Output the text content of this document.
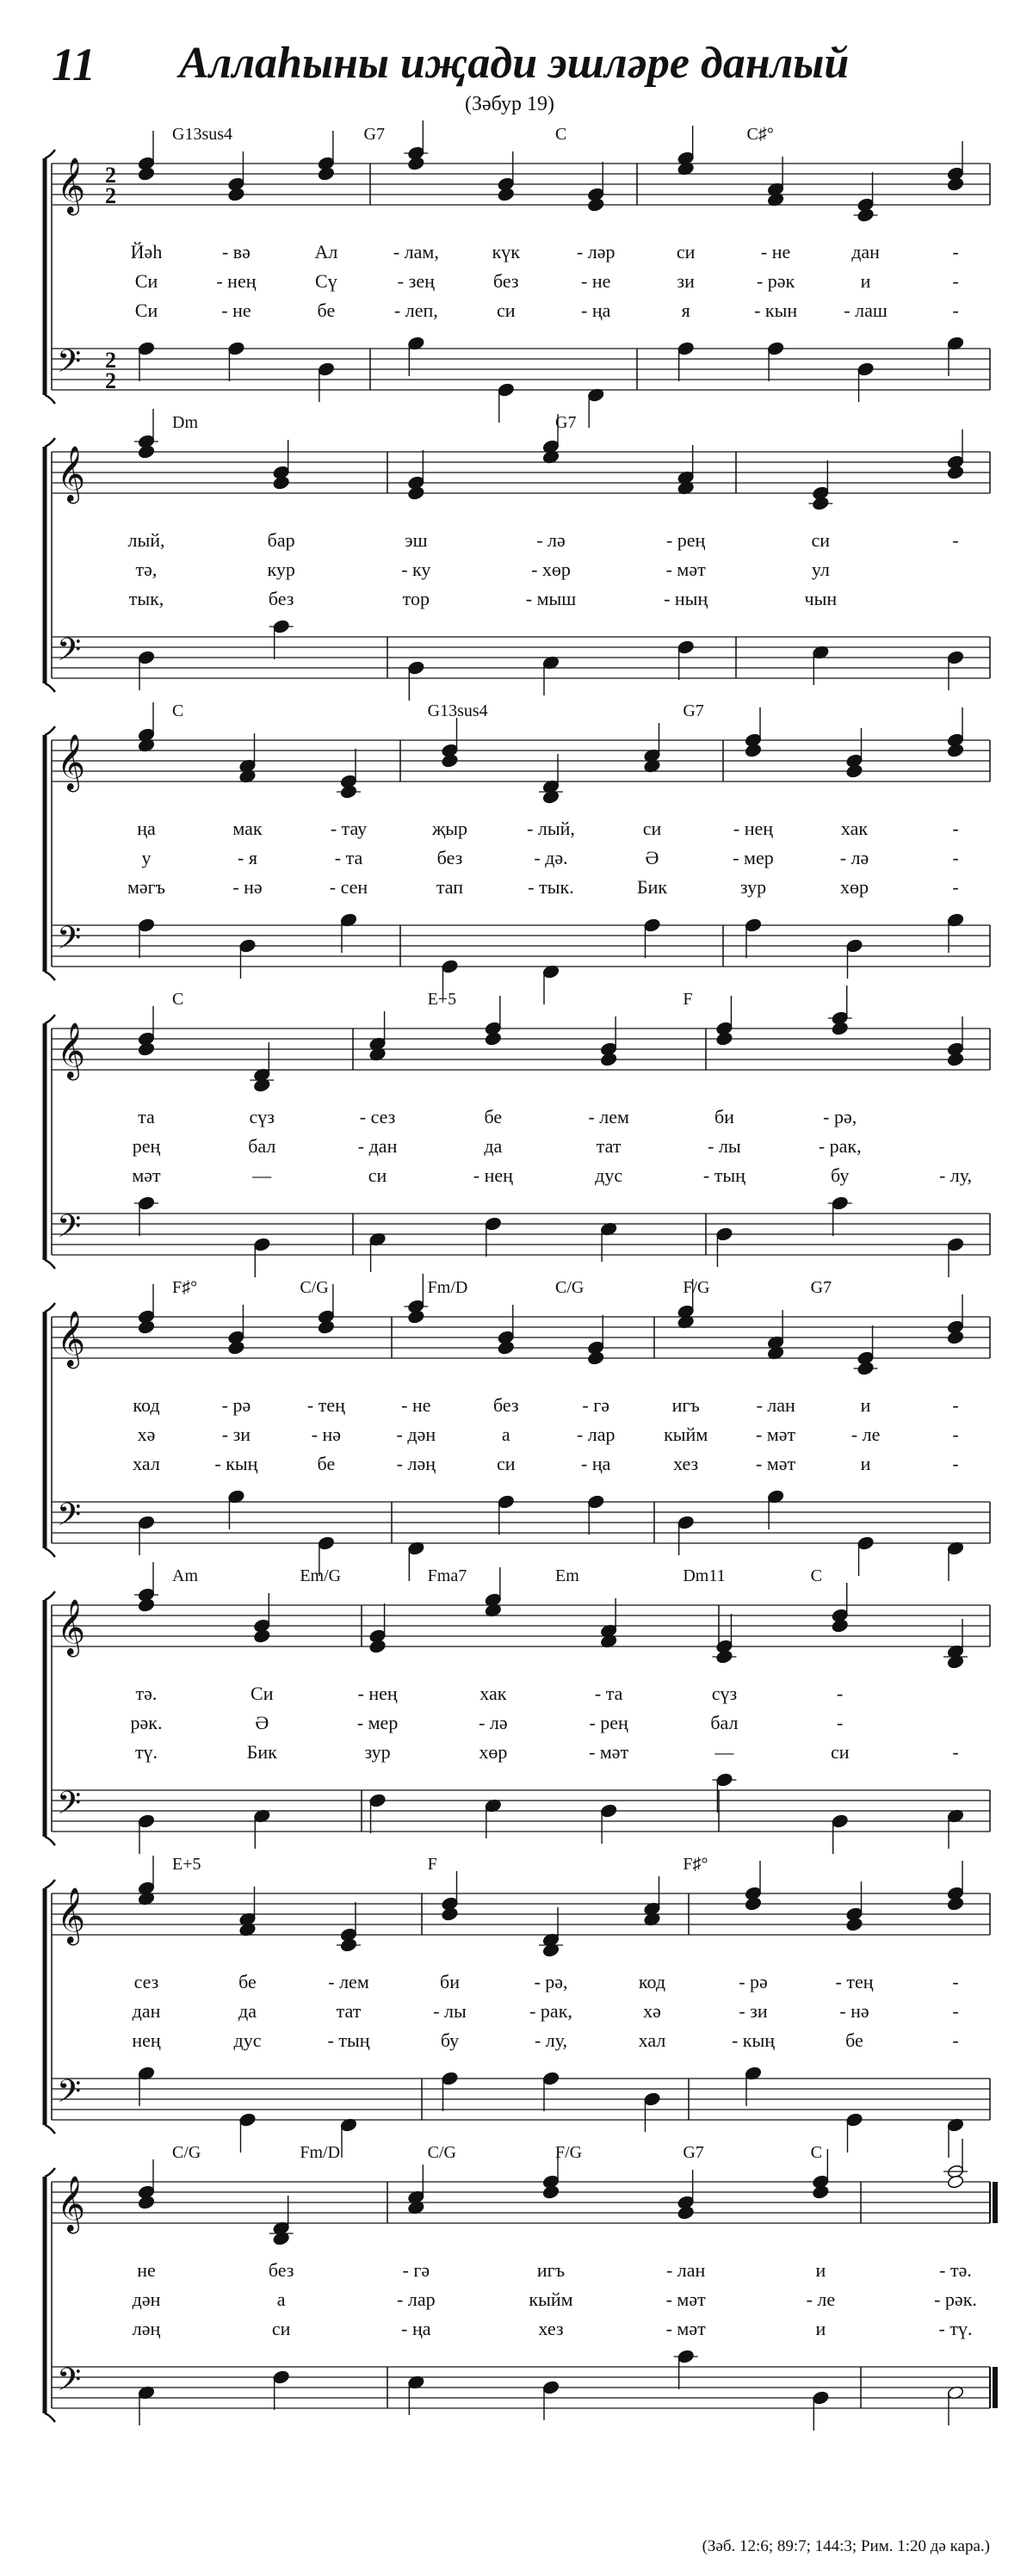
11 Аллаһыны иҗади эшләре данлый
(Зәбур 19)
G13sus4	G7	C	C♯°
𝄞
𝄢
2
2
2
2
Йәһ	- вә	Ал	- лам,	күк	- ләр	си	- не	дан	-
Си	- нең	Сү	- зең	без	- не	зи	- рәк	и	-
Си	- не	бе	- леп,	си	- ңа	я	- кын - лаш	-
Dm	G7
𝄞
𝄢
лый,	бар	эш	- лә	- рең	си	-
тә,	кур	- ку	- хөр	- мәт	ул
тык,	без	тор	- мыш	- ның	чын
C	G13sus4	G7
𝄞
𝄢
ңа	мак	- тау	җыр	- лый,	си	- нең	хак	-
у	- я	- та	без	- дә.	Ә	- мер	- лә	-
мәгъ	- нә	- сен	тап	- тык.	Бик	зур	хөр	-
C	E+5	F
𝄞
𝄢
та	сүз	- сез	бе	- лем	би	- рә,
рең	бал	- дан	да	тат	- лы	- рак,
мәт	—	си	- нең	дус	- тың	бу	- лу,
F♯°	C/G	Fm/D	C/G	F/G	G7
𝄞
𝄢
код	- рә	- тең	- не	без	- гә	игъ	- лан	и	-
хә	- зи	- нә	- дән	а	- лар	кыйм	- мәт	- ле	-
хал	- кың	бе	- ләң	си	- ңа	хез	- мәт	и	-
Am	Em/G	Fma7	Em	Dm11	C
𝄞
𝄢
тә.	Си	- нең	хак	- та	сүз	-
рәк.	Ә	- мер	- лә	- рең	бал	-
тү.	Бик	зур	хөр	- мәт	—	си	-
E+5	F	F♯°
𝄞
𝄢
сез	бе	- лем	би	- рә,	код	- рә	- тең	-
дан	да	тат	- лы	- рак,	хә	- зи	- нә	-
нең	дус	- тың	бу	- лу,	хал	- кың	бе	-
C/G	Fm/D	C/G	F/G	G7	C
𝄞
𝄢
не	без	- гә	игъ	- лан	и	- тә.
дән	а	- лар	кыйм	- мәт	- ле	- рәк.
ләң	си	- ңа	хез	- мәт	и	- тү.
(Зәб. 12:6; 89:7; 144:3; Рим. 1:20 дә кара.)
